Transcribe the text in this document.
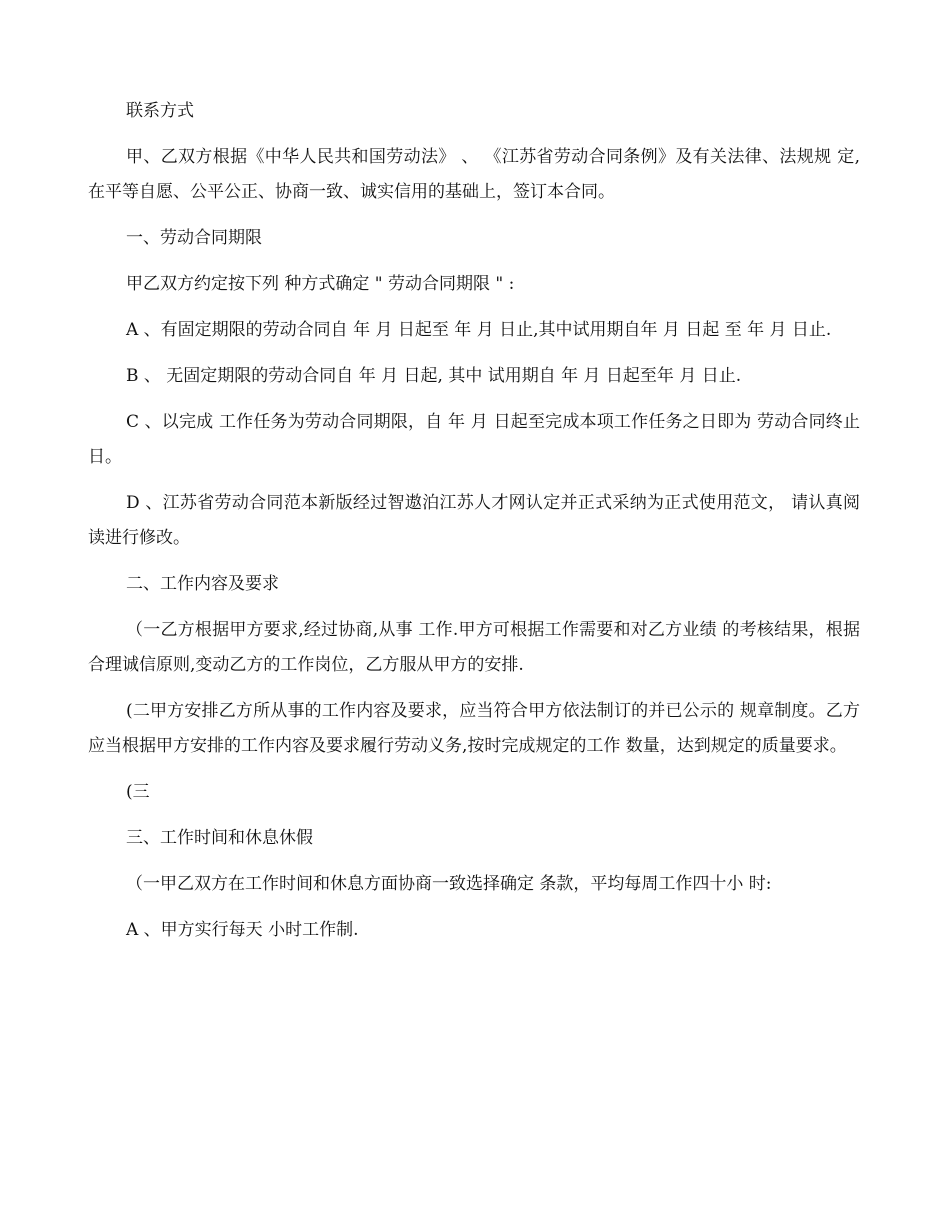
联系方式

甲、乙双方根据《中华人民共和国劳动法》 、 《江苏省劳动合同条例》及有关法律、法规规 定,在平等自愿、公平公正、协商一致、诚实信用的基础上，签订本合同。

一、劳动合同期限

甲乙双方约定按下列 种方式确定 " 劳动合同期限 " :

A 、有固定期限的劳动合同自 年 月 日起至 年 月 日止,其中试用期自年 月 日起 至 年 月 日止.

B 、 无固定期限的劳动合同自 年 月 日起, 其中 试用期自 年 月 日起至年 月 日止.

C 、以完成 工作任务为劳动合同期限，自 年 月 日起至完成本项工作任务之日即为 劳动合同终止日。

D 、江苏省劳动合同范本新版经过智遨泊江苏人才网认定并正式采纳为正式使用范文， 请认真阅读进行修改。

二、工作内容及要求

（一乙方根据甲方要求,经过协商,从事 工作.甲方可根据工作需要和对乙方业绩 的考核结果，根据合理诚信原则,变动乙方的工作岗位，乙方服从甲方的安排.

(二甲方安排乙方所从事的工作内容及要求，应当符合甲方依法制订的并已公示的 规章制度。乙方应当根据甲方安排的工作内容及要求履行劳动义务,按时完成规定的工作 数量，达到规定的质量要求。

(三

三、工作时间和休息休假

（一甲乙双方在工作时间和休息方面协商一致选择确定 条款，平均每周工作四十小 时:

A 、甲方实行每天 小时工作制.
